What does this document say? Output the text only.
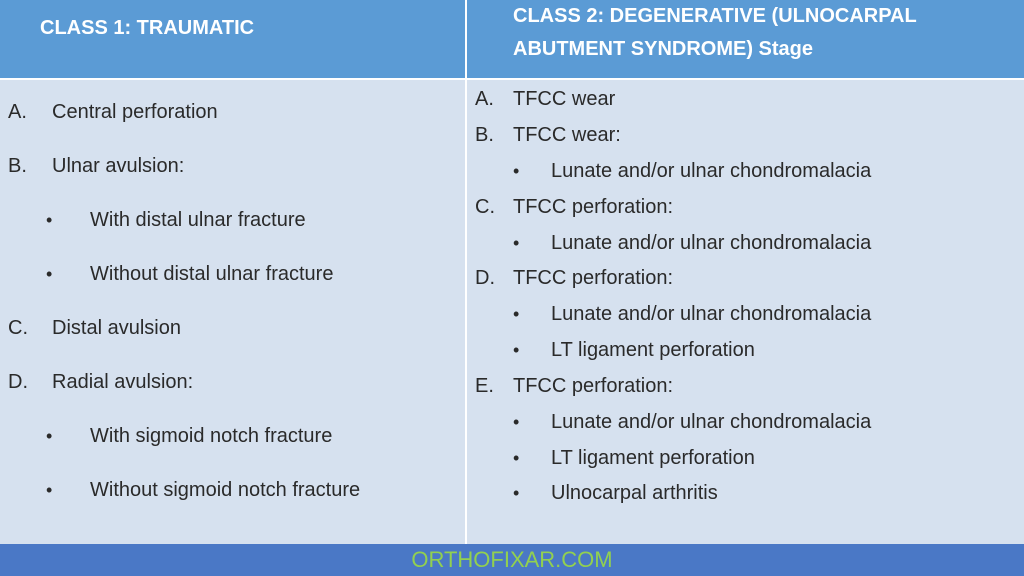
CLASS 1: TRAUMATIC
CLASS 2: DEGENERATIVE (ULNOCARPAL ABUTMENT SYNDROME) Stage
A. Central perforation
B. Ulnar avulsion:
• With distal ulnar fracture
• Without distal ulnar fracture
C. Distal avulsion
D. Radial avulsion:
• With sigmoid notch fracture
• Without sigmoid notch fracture
A. TFCC wear
B. TFCC wear:
• Lunate and/or ulnar chondromalacia
C. TFCC perforation:
• Lunate and/or ulnar chondromalacia
D. TFCC perforation:
• Lunate and/or ulnar chondromalacia
• LT ligament perforation
E. TFCC perforation:
• Lunate and/or ulnar chondromalacia
• LT ligament perforation
• Ulnocarpal arthritis
ORTHOFIXAR.COM
